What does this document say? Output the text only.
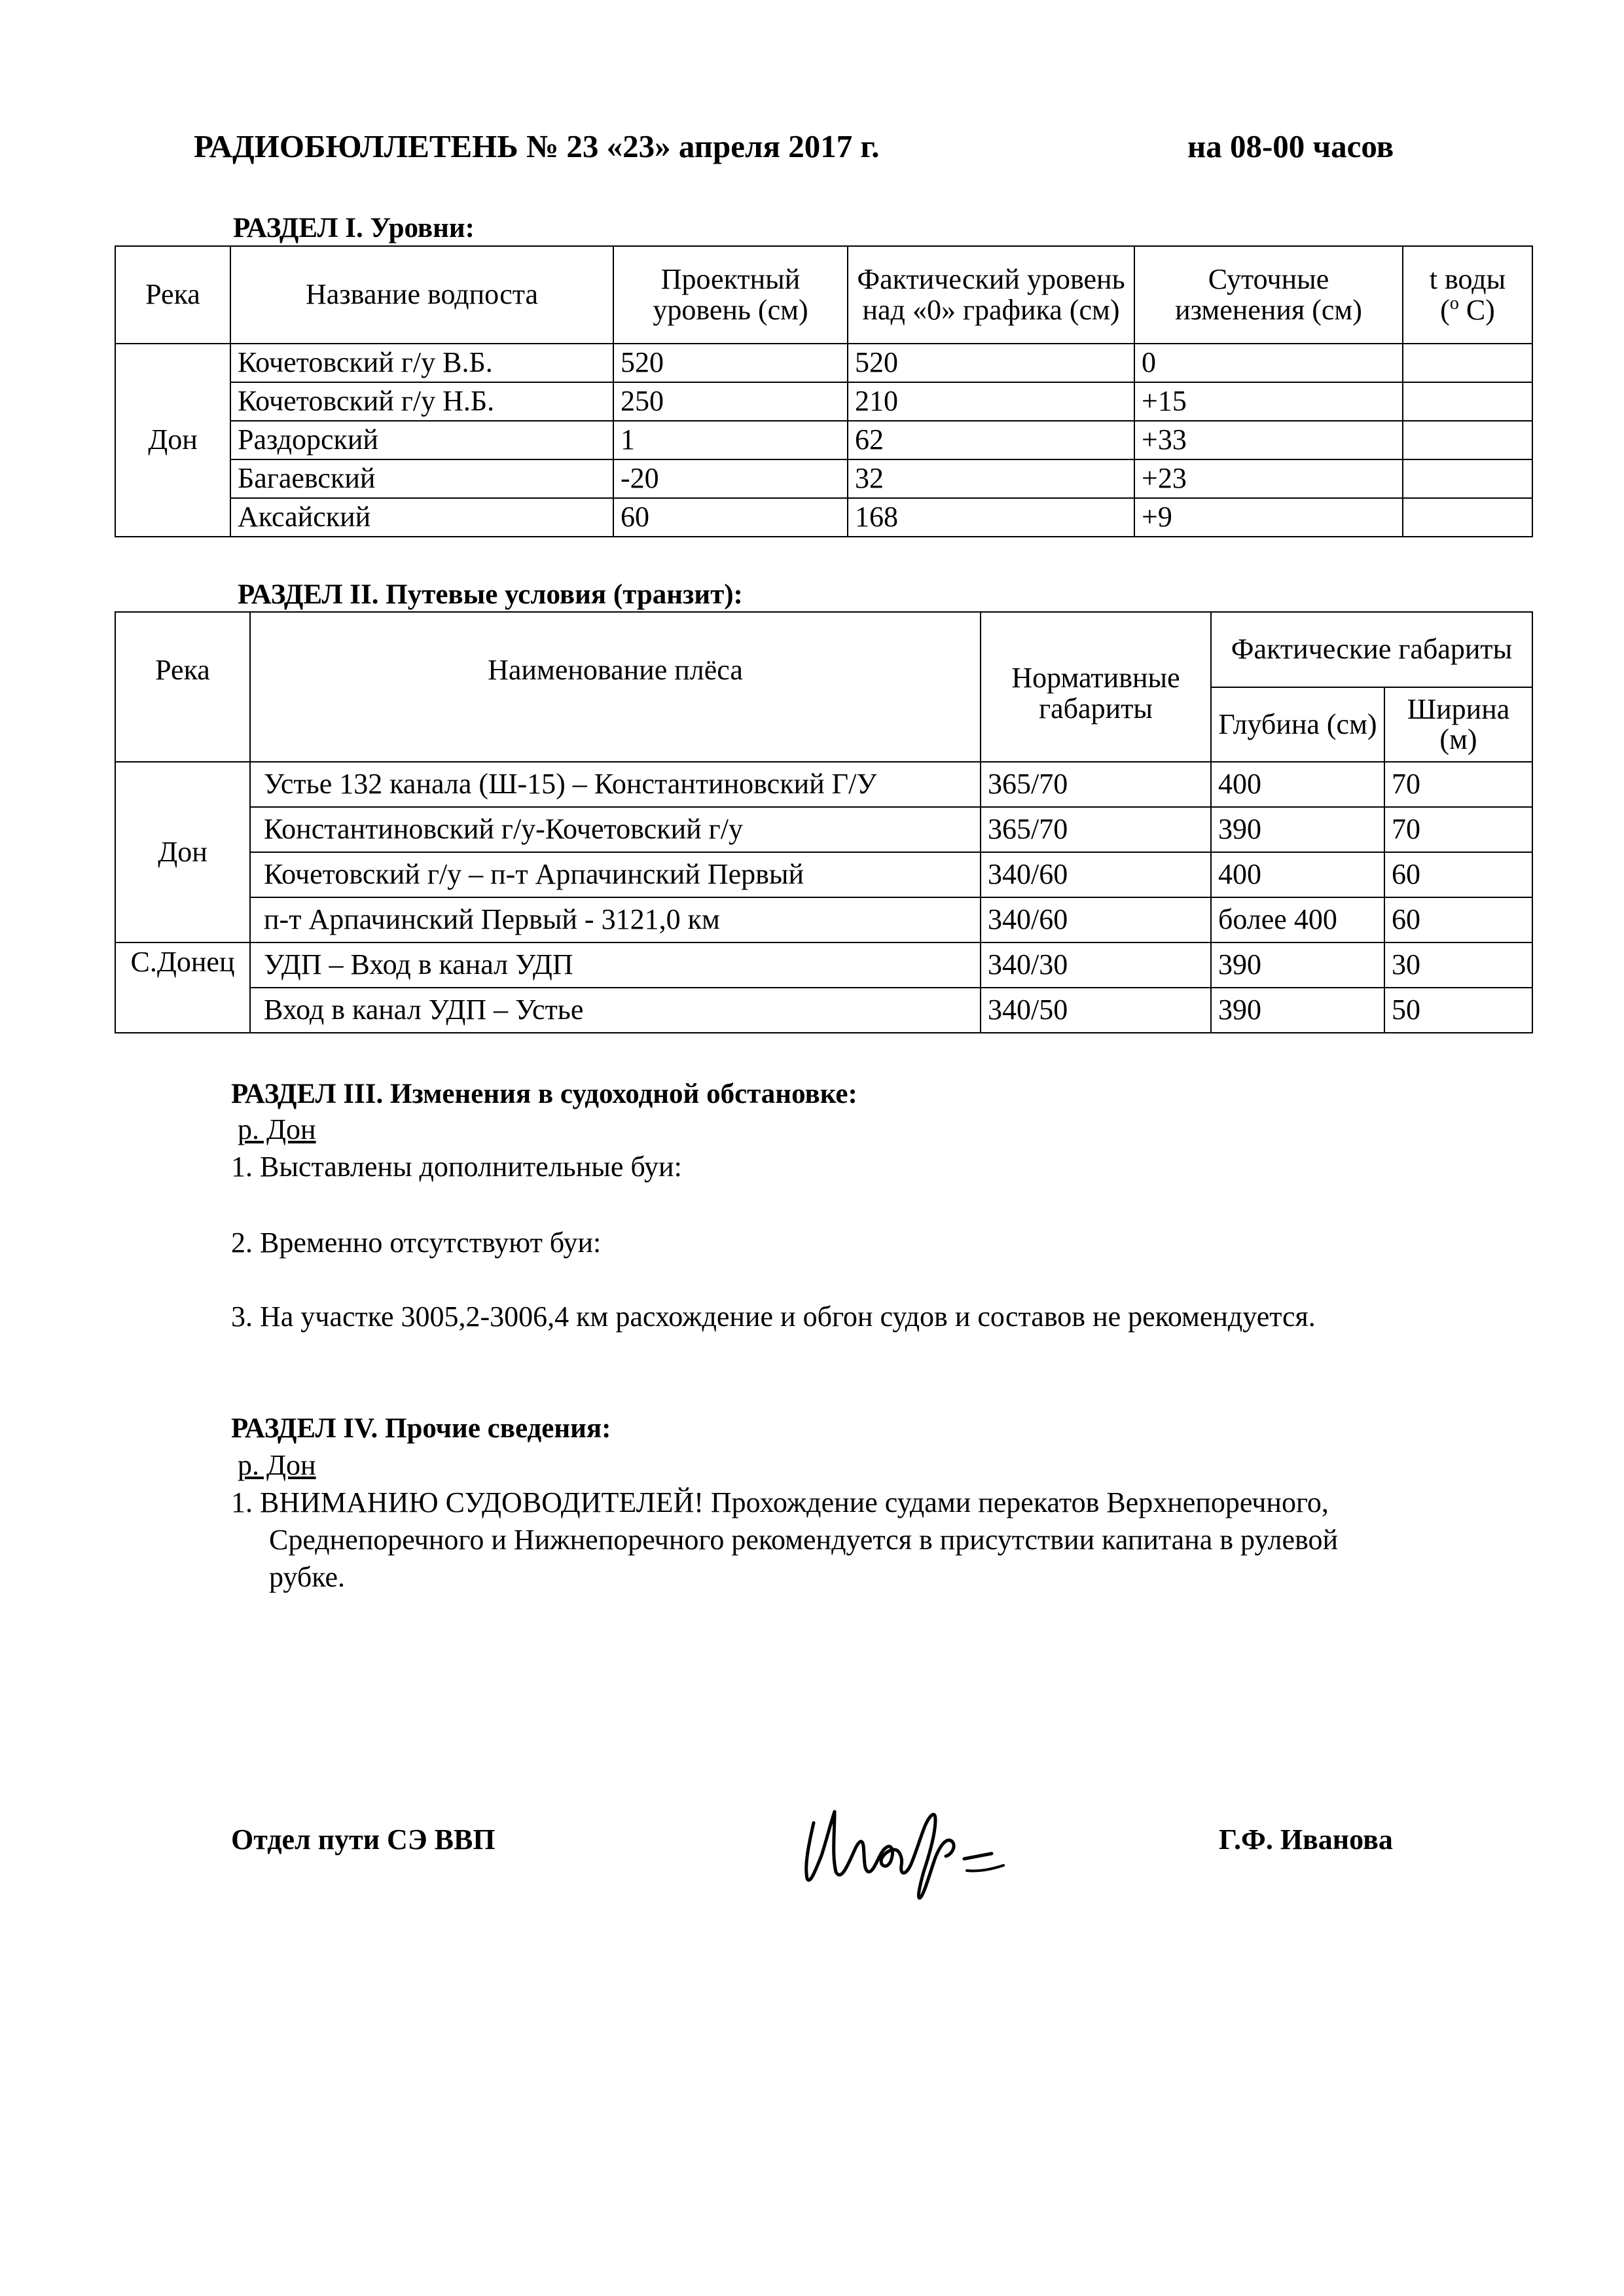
РАДИОБЮЛЛЕТЕНЬ № 23 «23» апреля 2017 г.	на 08-00 часов
РАЗДЕЛ I. Уровни:
Река	Название водпоста	Проектный уровень (см)	Фактический уровень над «0» графика (см)	Суточные изменения (см)	t воды
($^о$ C)
Дон	Кочетовский г/у В.Б.	520	520	0	
	Кочетовский г/у Н.Б.	250	210	+15	
	Раздорский	1	62	+33	
	Багаевский	-20	32	+23	
	Аксайский	60	168	+9	
РАЗДЕЛ II. Путевые условия (транзит):
Река	Наименование плёса	Нормативные габариты	Фактические габариты	
			Глубина (см)	Ширина (м)
Дон	Устье 132 канала (Ш-15) – Константиновский Г/У	365/70	400	70
	Константиновский г/у-Кочетовский г/у	365/70	390	70
	Кочетовский г/у – п-т Арпачинский Первый	340/60	400	60
	п-т Арпачинский Первый - 3121,0 км	340/60	более 400	60
С.Донец	УДП – Вход в канал УДП	340/30	390	30
	Вход в канал УДП – Устье	340/50	390	50
РАЗДЕЛ III. Изменения в судоходной обстановке:
р. Дон
1. Выставлены дополнительные буи:
2. Временно отсутствуют буи:
3. На участке 3005,2-3006,4 км расхождение и обгон судов и составов не рекомендуется.
РАЗДЕЛ IV. Прочие сведения:
р. Дон
1. ВНИМАНИЮ СУДОВОДИТЕЛЕЙ! Прохождение судами перекатов Верхнепоречного,
Среднепоречного и Нижнепоречного рекомендуется в присутствии капитана в рулевой
рубке.
Отдел пути СЭ ВВП	Г.Ф. Иванова
